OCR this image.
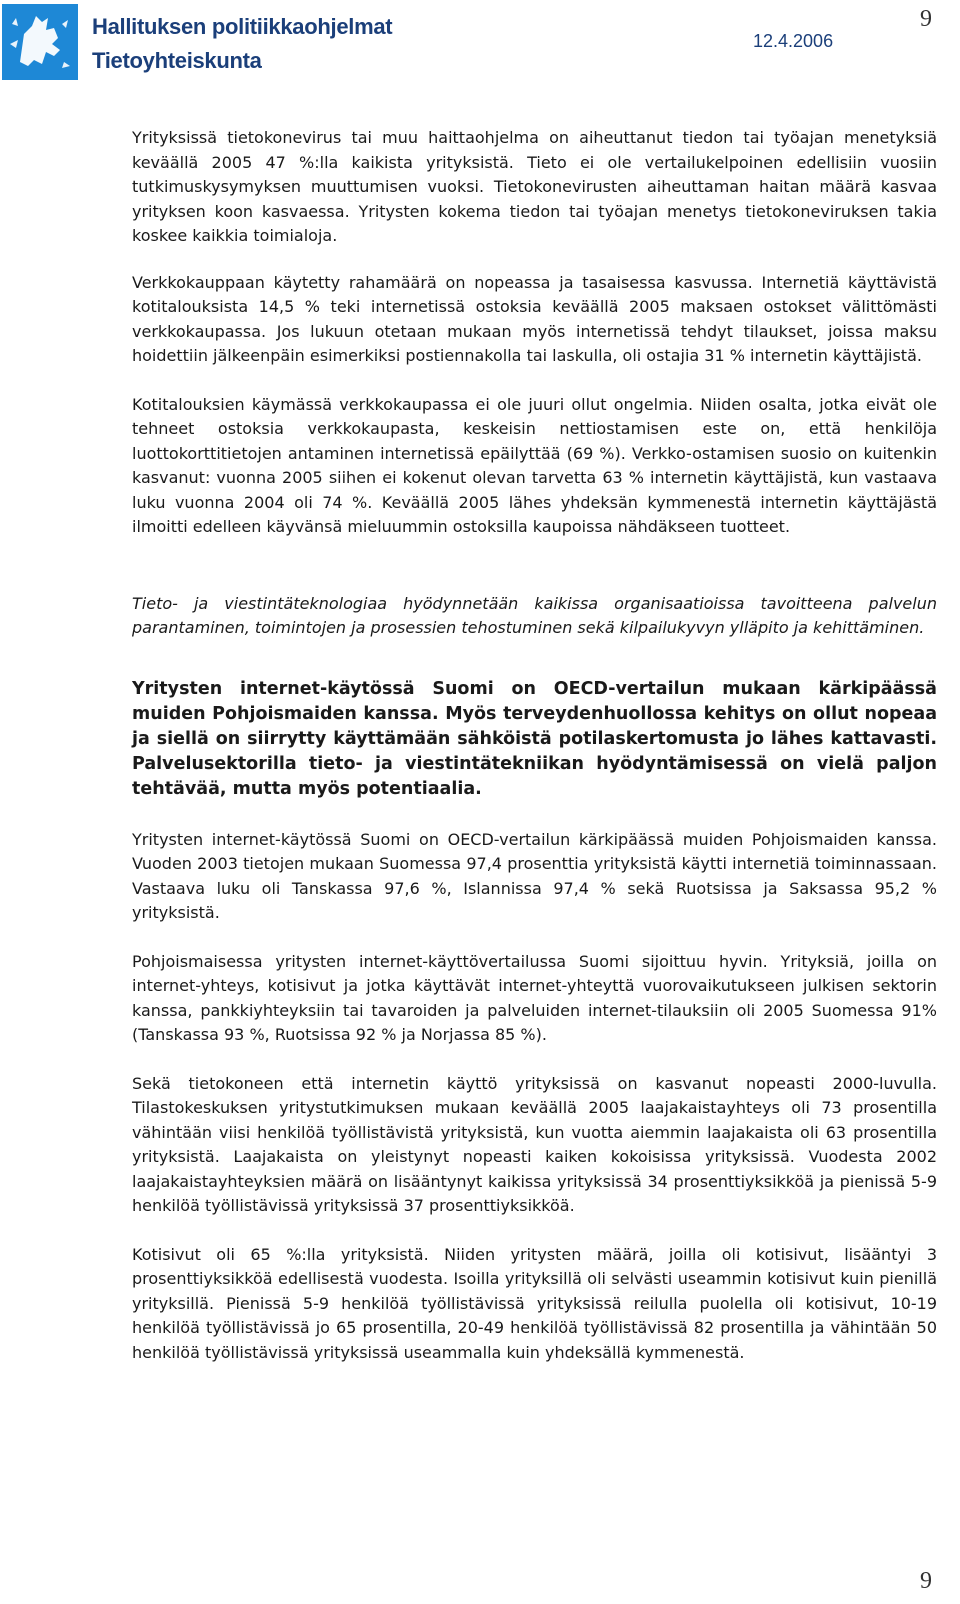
Hallituksen politiikkaohjelmat
Tietoyhteiskunta
12.4.2006
9

Yrityksissä tietokonevirus tai muu haittaohjelma on aiheuttanut tiedon tai työajan menetyksiä keväällä 2005 47 %:lla kaikista yrityksistä. Tieto ei ole vertailukelpoinen edellisiin vuosiin tutkimuskysymyksen muuttumisen vuoksi. Tietokonevirusten aiheuttaman haitan määrä kasvaa yrityksen koon kasvaessa. Yritysten kokema tiedon tai työajan menetys tietokoneviruksen takia koskee kaikkia toimialoja.

Verkkokauppaan käytetty rahamäärä on nopeassa ja tasaisessa kasvussa. Internetiä käyttävistä kotitalouksista 14,5 % teki internetissä ostoksia keväällä 2005 maksaen ostokset välittömästi verkkokaupassa. Jos lukuun otetaan mukaan myös internetissä tehdyt tilaukset, joissa maksu hoidettiin jälkeenpäin esimerkiksi postiennakolla tai laskulla, oli ostajia 31 % internetin käyttäjistä.

Kotitalouksien käymässä verkkokaupassa ei ole juuri ollut ongelmia. Niiden osalta, jotka eivät ole tehneet ostoksia verkkokaupasta, keskeisin nettiostamisen este on, että henkilöja luottokorttitietojen antaminen internetissä epäilyttää (69 %). Verkko-ostamisen suosio on kuitenkin kasvanut: vuonna 2005 siihen ei kokenut olevan tarvetta 63 % internetin käyttäjistä, kun vastaava luku vuonna 2004 oli 74 %. Keväällä 2005 lähes yhdeksän kymmenestä internetin käyttäjästä ilmoitti edelleen käyvänsä mieluummin ostoksilla kaupoissa nähdäkseen tuotteet.

Tieto- ja viestintäteknologiaa hyödynnetään kaikissa organisaatioissa tavoitteena palvelun parantaminen, toimintojen ja prosessien tehostuminen sekä kilpailukyvyn ylläpito ja kehittäminen.

Yritysten internet-käytössä Suomi on OECD-vertailun mukaan kärkipäässä muiden Pohjoismaiden kanssa. Myös terveydenhuollossa kehitys on ollut nopeaa ja siellä on siirrytty käyttämään sähköistä potilaskertomusta jo lähes kattavasti. Palvelusektorilla tieto- ja viestintätekniikan hyödyntämisessä on vielä paljon tehtävää, mutta myös potentiaalia.

Yritysten internet-käytössä Suomi on OECD-vertailun kärkipäässä muiden Pohjoismaiden kanssa. Vuoden 2003 tietojen mukaan Suomessa 97,4 prosenttia yrityksistä käytti internetiä toiminnassaan. Vastaava luku oli Tanskassa 97,6 %, Islannissa 97,4 % sekä Ruotsissa ja Saksassa 95,2 % yrityksistä.

Pohjoismaisessa yritysten internet-käyttövertailussa Suomi sijoittuu hyvin. Yrityksiä, joilla on internet-yhteys, kotisivut ja jotka käyttävät internet-yhteyttä vuorovaikutukseen julkisen sektorin kanssa, pankkiyhteyksiin tai tavaroiden ja palveluiden internet-tilauksiin oli 2005 Suomessa 91% (Tanskassa 93 %, Ruotsissa 92 % ja Norjassa 85 %).

Sekä tietokoneen että internetin käyttö yrityksissä on kasvanut nopeasti 2000-luvulla. Tilastokeskuksen yritystutkimuksen mukaan keväällä 2005 laajakaistayhteys oli 73 prosentilla vähintään viisi henkilöä työllistävistä yrityksistä, kun vuotta aiemmin laajakaista oli 63 prosentilla yrityksistä. Laajakaista on yleistynyt nopeasti kaiken kokoisissa yrityksissä. Vuodesta 2002 laajakaistayhteyksien määrä on lisääntynyt kaikissa yrityksissä 34 prosenttiyksikköä ja pienissä 5-9 henkilöä työllistävissä yrityksissä 37 prosenttiyksikköä.

Kotisivut oli 65 %:lla yrityksistä. Niiden yritysten määrä, joilla oli kotisivut, lisääntyi 3 prosenttiyksikköä edellisestä vuodesta. Isoilla yrityksillä oli selvästi useammin kotisivut kuin pienillä yrityksillä. Pienissä 5-9 henkilöä työllistävissä yrityksissä reilulla puolella oli kotisivut, 10-19 henkilöä työllistävissä jo 65 prosentilla, 20-49 henkilöä työllistävissä 82 prosentilla ja vähintään 50 henkilöä työllistävissä yrityksissä useammalla kuin yhdeksällä kymmenestä.

9
